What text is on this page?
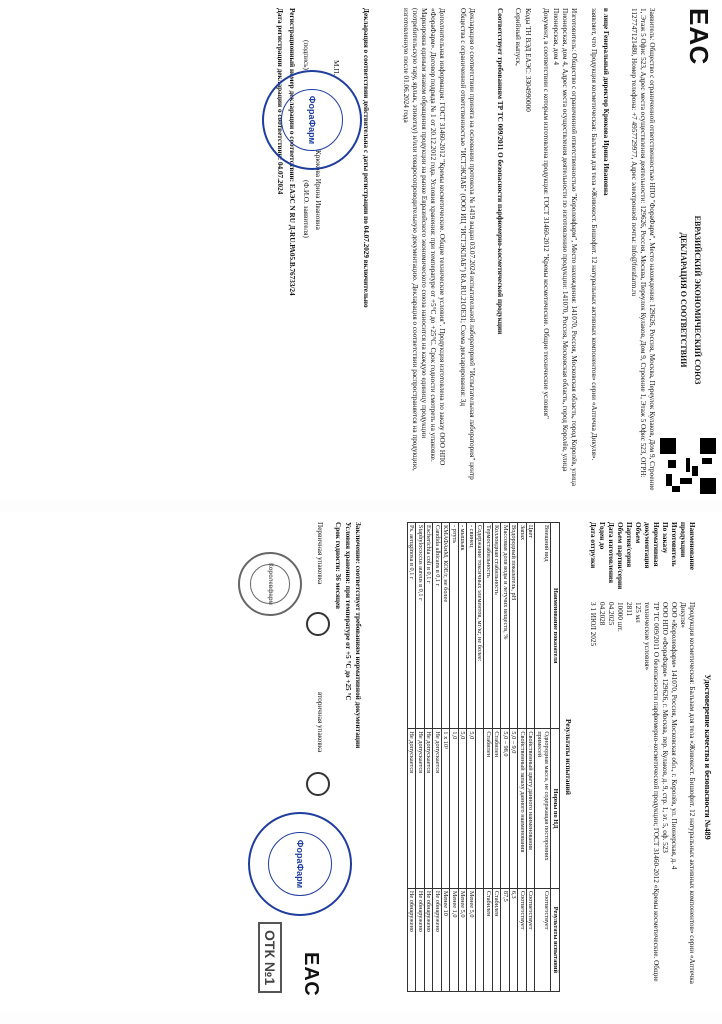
ЕАС
ЕВРАЗИЙСКИЙ ЭКОНОМИЧЕСКИЙ СОЮЗ
ДЕКЛАРАЦИЯ О СООТВЕТСТВИИ
Заявитель: Общество с ограниченной ответственностью НПО "ФораФарм", Место нахождения: 129626, Россия, Москва, Переулок Кулаков, Дом 9, Строение 1, Этаж 5 Офис 523, Адрес места осуществления деятельности: 129626, Россия, Москва, Переулок Кулаков, Дом 9, Строение 1, Этаж 5 Офис 523, ОГРН: 1127747121480, Номер телефона: +7 4957729977, Адрес электронной почты: info@forafarm.ru
в лице Генеральный директор Крюкова Ирина Ивановна
заявляет, что Продукция косметическая: Бальзам для тела «Живокост. Бишофит. 12 натуральных активных компонентов» серии «Аптечка Дикуля».
Изготовитель: Общество с ограниченной ответственностью "Королевфарм", Место нахождения: 141070, Россия, Московская область, город Королёв, улица Пионерская, дом 4, Адрес места осуществления деятельности по изготовлению продукции: 141070, Россия, Московская область, город Королёв, улица Пионерская, дом 4
Документ, в соответствии с которым изготовлена продукция: ГОСТ 31460-2012 "Кремы косметические. Общие технические условия"
Коды ТН ВЭД ЕАЭС: 3304990000
Серийный выпуск,
Соответствует требованиям ТР ТС 009/2011 О безопасности парфюмерно-косметической продукции
Декларация о соответствии принята на основании протокола № 1419 выдан 03.07.2024 испытательной лабораторией "Испытательная лаборатория" центр Общества с ограниченной ответственностью "ИСТЭКЛАБ" (ООО ИЦ "ИСТЭКЛАБ") RA.RU.21ОЕ31; Схема декларирования: 3д
Дополнительная информация: ГОСТ 31460-2012 "Кремы косметические. Общие технические условия". Продукция изготовлена по заказу ООО НПО «ФораФарм». Договор подряда № 1 от 20.12.2012 года. Условия хранения: при температуре от +5°C до +25°C. Срок годности смотреть на упаковке. Маркировка единым знаком обращения продукции на рынке Евразийского экономического союза наносится на каждую единицу продукции (потребительскую тару, ярлык, этикетку) и/или товаросопроводительную документацию. Декларация о соответствии распространяется на продукцию, изготовленную после 01.06.2024 года
Декларация о соответствии действительна с даты регистрации по 04.07.2029 включительно
Крюкова Ирина Ивановна
(подпись)
(Ф.И.О. заявителя)
М.П.
Регистрационный номер декларации о соответствии: ЕАЭС N RU Д-RU.РА05.В.76733/24
Дата регистрации декларации о соответствии: 04.07.2024
ФораФарм
Удостоверение качества и безопасности №489
Наименование продукции
Продукция косметическая: Бальзам для тела «Живокост. Бишофит. 12 натуральных активных компонентов» серии «Аптечка Дикуля»
Изготовитель
ООО «Королевфарм» 141070, Россия, Московская обл., г. Королёв, ул. Пионерская, д. 4
По заказу
ООО НПО «ФораФарм» 129626, г. Москва, пер. Кулаков, д. 9, стр. 1, эт. 5, оф. 523
Нормативная документация
ТР ТС 009/2011 О безопасности парфюмерно-косметической продукции; ГОСТ 31460-2012 «Кремы косметические. Общие технические условия»
Объем
125 мл
Партия/серия
2811
Объем партии/серии
10000 шт.
Дата изготовления
04.2025
Годен до
04.2028
Дата отгрузки
3 1 ИЮЛ 2025
Результаты испытаний
Наименование показателя	Нормы по НД	Результаты испытаний
Внешний вид	Однородная масса, не содержащая посторонних примесей	Соответствует
Цвет	Свойственный цвету данного наименования	Соответствует
Запах	Свойственный запаху данного наименования	Соответствует
Водородный показатель, pH	5,0 – 9,0	6,3
Массовая доля воды и летучих веществ, %	5,0 – 98,0	87,5
Коллоидная стабильность	Стабилен	Стабилен
Термостабильность	Стабилен	Стабилен
Содержание токсичных элементов, мг/кг, не более:		
- свинец	5,0	Менее 5,0
- мышьяк	5,0	Менее 5,0
- ртуть	1,0	Менее 1,0
КМАФАнМ, КОЕ/г, не более	1 х 10³	Менее 10
Candida albicans в 0,1 г	Не допускается	Не обнаружено
Escherichia coli в 0,1 г	Не допускается	Не обнаружено
Staphylococcus aureus в 0,1 г	Не допускается	Не обнаружено
Ps. aeruginosa в 0,1 г	Не допускается	Не обнаружено
Заключение: соответствует требованиям нормативной документации
Условия хранения: при температуре от +5 °С до +25 °С
Срок годности: 36 месяцев
Первичная упаковка
вторичная упаковка
ФораФарм
Королевфарм
ОТК №1 ЕАС
